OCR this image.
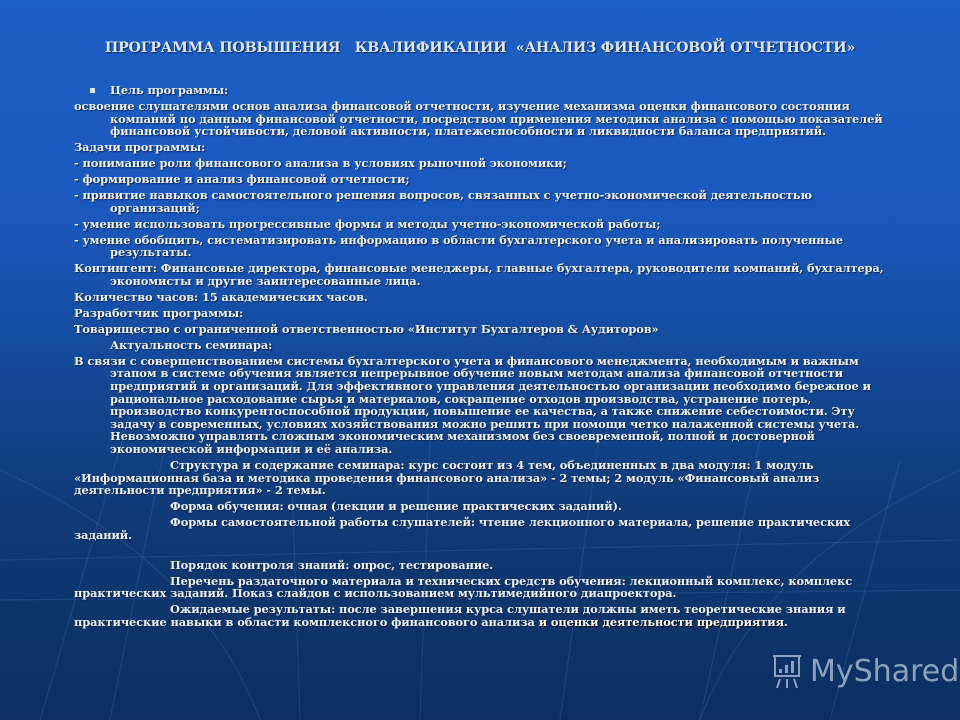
ПРОГРАММА ПОВЫШЕНИЯ   КВАЛИФИКАЦИИ  «АНАЛИЗ ФИНАНСОВОЙ ОТЧЕТНОСТИ»
Цель программы:
освоение слушателями основ анализа финансовой отчетности, изучение механизма оценки финансового состояния компаний по данным финансовой отчетности, посредством применения методики анализа с помощью показателей финансовой устойчивости, деловой активности, платежеспособности и ликвидности баланса предприятий.
Задачи программы:
- понимание роли финансового анализа в условиях рыночной экономики;
- формирование и анализ финансовой отчетности;
- привитие навыков самостоятельного решения вопросов, связанных с учетно-экономической деятельностью организаций;
- умение использовать прогрессивные формы и методы учетно-экономической работы;
- умение обобщить, систематизировать информацию в области бухгалтерского учета и анализировать полученные результаты.
Контингент: Финансовые директора, финансовые менеджеры, главные бухгалтера, руководители компаний, бухгалтера, экономисты и другие заинтересованные лица.
Количество часов: 15 академических часов.
Разработчик программы:
Товарищество с ограниченной ответственностью «Институт Бухгалтеров & Аудиторов»
Актуальность семинара:
В связи с совершенствованием системы бухгалтерского учета и финансового менеджмента, необходимым и важным этапом в системе обучения является непрерывное обучение новым методам анализа финансовой отчетности предприятий и организаций. Для эффективного управления деятельностью организации необходимо бережное и рациональное расходование сырья и материалов, сокращение отходов производства, устранение потерь, производство конкурентоспособной продукции, повышение ее качества, а также снижение себестоимости. Эту задачу в современных, условиях хозяйствования можно решить при помощи четко налаженной системы учета. Невозможно управлять сложным экономическим механизмом без своевременной, полной и достоверной экономической информации и её анализа.
Структура и содержание семинара: курс состоит из 4 тем, объединенных в два модуля: 1 модуль «Информационная база и методика проведения финансового анализа» - 2 темы; 2 модуль «Финансовый анализ деятельности предприятия» - 2 темы.
Форма обучения: очная (лекции и решение практических заданий).
Формы самостоятельной работы слушателей: чтение лекционного материала, решение практических заданий.
Порядок контроля знаний: опрос, тестирование.
Перечень раздаточного материала и технических средств обучения: лекционный комплекс, комплекс практических заданий. Показ слайдов с использованием мультимедийного диапроектора.
Ожидаемые результаты: после завершения курса слушатели должны иметь теоретические знания и практические навыки в области комплексного финансового анализа и оценки деятельности предприятия.
MyShared
